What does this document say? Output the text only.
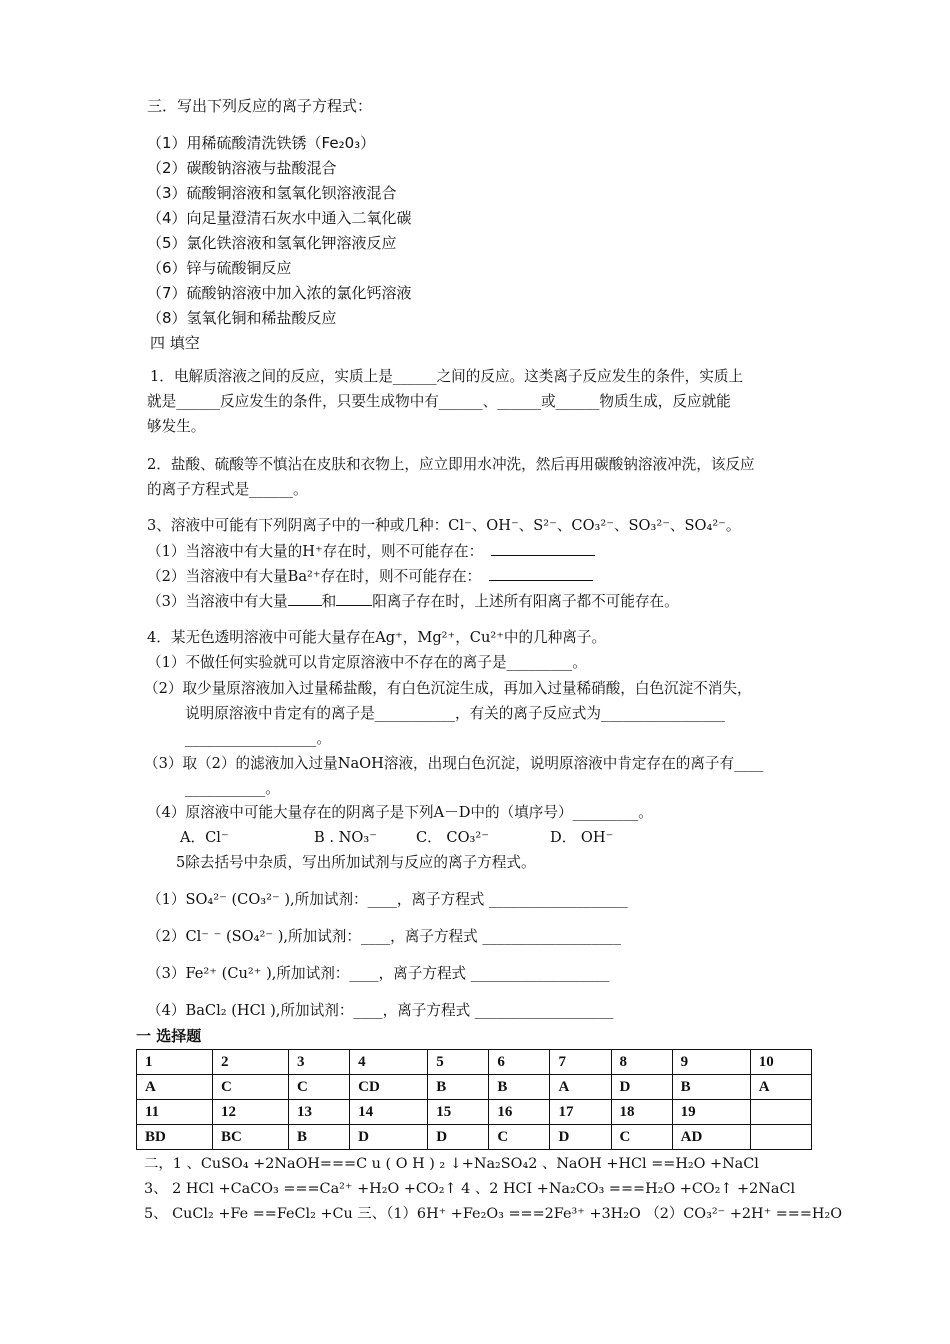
三．写出下列反应的离子方程式：
（1）用稀硫酸清洗铁锈（Fe₂0₃）
（2）碳酸钠溶液与盐酸混合
（3）硫酸铜溶液和氢氧化钡溶液混合
（4）向足量澄清石灰水中通入二氧化碳
（5）氯化铁溶液和氢氧化钾溶液反应
（6）锌与硫酸铜反应
（7）硫酸钠溶液中加入浓的氯化钙溶液
（8）氢氧化铜和稀盐酸反应
四 填空
1．电解质溶液之间的反应，实质上是______之间的反应。这类离子反应发生的条件，实质上
就是______反应发生的条件，只要生成物中有______、______或______物质生成，反应就能
够发生。
2．盐酸、硫酸等不慎沾在皮肤和衣物上，应立即用水冲洗，然后再用碳酸钠溶液冲洗，该反应
的离子方程式是______。
3、溶液中可能有下列阴离子中的一种或几种：Cl⁻、OH⁻、S²⁻、CO₃²⁻、SO₃²⁻、SO₄²⁻。
（1）当溶液中有大量的H⁺存在时，则不可能存在：
（2）当溶液中有大量Ba²⁺存在时，则不可能存在：
（3）当溶液中有大量 和 阳离子存在时，上述所有阳离子都不可能存在。
4．某无色透明溶液中可能大量存在Ag⁺，Mg²⁺，Cu²⁺中的几种离子。
（1）不做任何实验就可以肯定原溶液中不存在的离子是_________。
（2）取少量原溶液加入过量稀盐酸，有白色沉淀生成，再加入过量稀硝酸，白色沉淀不消失，
说明原溶液中肯定有的离子是___________，有关的离子反应式为_________________
__________________。
（3）取（2）的滤液加入过量NaOH溶液，出现白色沉淀，说明原溶液中肯定存在的离子有____
___________。
（4）原溶液中可能大量存在的阴离子是下列A－D中的（填序号）_________。
A．Cl⁻	B . NO₃⁻	C． CO₃²⁻	D． OH⁻
5除去括号中杂质，写出所加试剂与反应的离子方程式。
（1）SO₄²⁻ (CO₃²⁻ ),所加试剂：____，离子方程式 ___________________
（2）Cl⁻ ⁻ (SO₄²⁻ ),所加试剂：____，离子方程式 ___________________
（3）Fe²⁺ (Cu²⁺ ),所加试剂：____，离子方程式 ___________________
（4）BaCl₂ (HCl ),所加试剂：____，离子方程式 ___________________
一 选择题
1	2	3	4	5	6	7	8	9	10
A	C	C	CD	B	B	A	D	B	A
11	12	13	14	15	16	17	18	19	
BD	BC	B	D	D	C	D	C	AD	
二，1 、CuSO₄ +2NaOH===C u ( O H ) ₂ ↓+Na₂SO₄2 、NaOH +HCl ==H₂O +NaCl
3、 2 HCl +CaCO₃ ===Ca²⁺ +H₂O +CO₂↑ 4 、2 HCI +Na₂CO₃ ===H₂O +CO₂↑ +2NaCl
5、 CuCl₂ +Fe ==FeCl₂ +Cu 三、（1）6H⁺ +Fe₂O₃ ===2Fe³⁺ +3H₂O （2）CO₃²⁻ +2H⁺ ===H₂O
